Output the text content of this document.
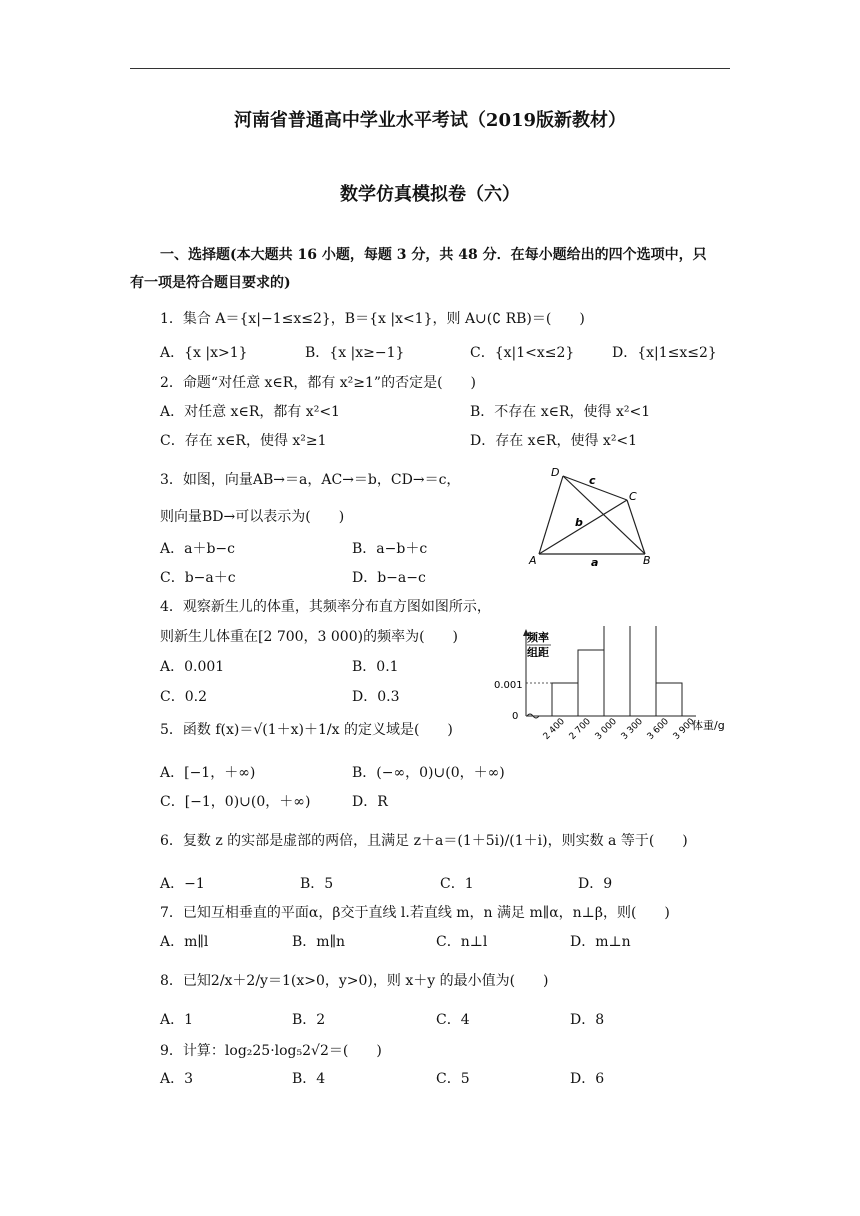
河南省普通高中学业水平考试（2019版新教材）
数学仿真模拟卷（六）
一、选择题(本大题共 16 小题，每题 3 分，共 48 分．在每小题给出的四个选项中，只
有一项是符合题目要求的)
1．集合 A＝{x|−1≤x≤2}，B＝{x |x<1}，则 A∪(∁ RB)＝(　　)
A．{x |x>1}	B．{x |x≥−1}	C．{x|1<x≤2}	D．{x|1≤x≤2}
2．命题“对任意 x∈R，都有 x²≥1”的否定是(　　)
A．对任意 x∈R，都有 x²<1	B．不存在 x∈R，使得 x²<1
C．存在 x∈R，使得 x²≥1	D．存在 x∈R，使得 x²<1
3．如图，向量AB→＝a，AC→＝b，CD→＝c，
则向量BD→可以表示为(　　)
A．a＋b−c	B．a−b＋c
C．b−a＋c	D．b−a−c
D
C
A	B
a
b
c
4．观察新生儿的体重，其频率分布直方图如图所示，
则新生儿体重在[2 700，3 000)的频率为(　　)
A．0.001	B．0.1
C．0.2	D．0.3
频率
组距
0.001
0
2 400 2 700 3 000 3 300 3 600 3 900
体重/g
5．函数 f(x)＝√(1＋x)＋1/x 的定义域是(　　)
A．[−1，＋∞)	B．(−∞，0)∪(0，＋∞)
C．[−1，0)∪(0，＋∞)	D．R
6．复数 z 的实部是虚部的两倍，且满足 z＋a＝(1＋5i)/(1＋i)，则实数 a 等于(　　)
A．−1	B．5	C．1	D．9
7．已知互相垂直的平面α，β交于直线 l.若直线 m，n 满足 m∥α，n⊥β，则(　　)
A．m∥l	B．m∥n	C．n⊥l	D．m⊥n
8．已知2/x＋2/y＝1(x>0，y>0)，则 x＋y 的最小值为(　　)
A．1	B．2	C．4	D．8
9．计算：log₂25·log₅2√2＝(　　)
A．3	B．4	C．5	D．6
